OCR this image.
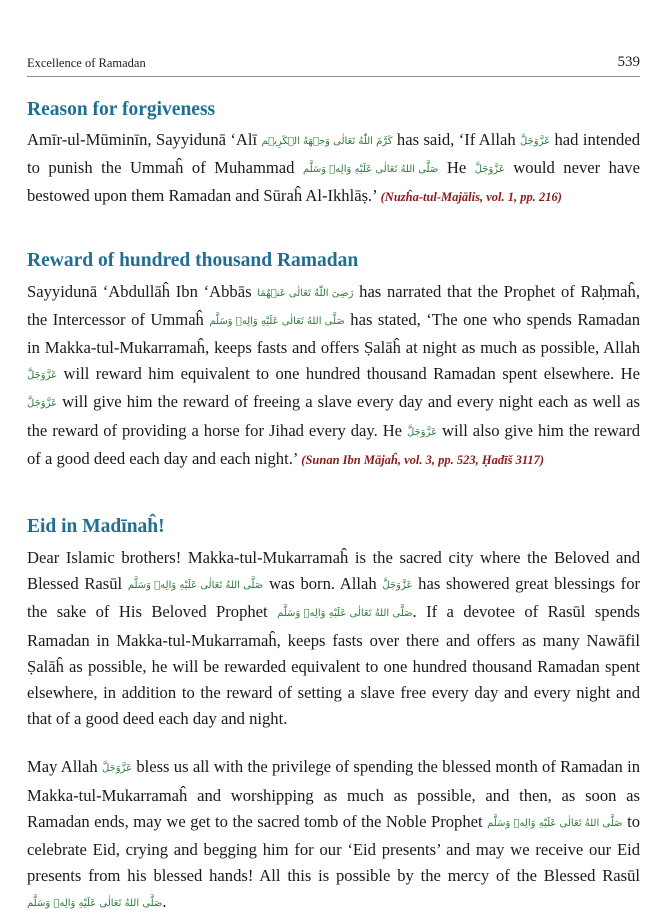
Excellence of Ramadan	539
Reason for forgiveness

Amīr-ul-Mūminīn, Sayyidunā ‘Alī كَرَّمَ اللّٰهُ تَعَالٰی وَجۡهَهُ الۡكَرِيۡم has said, ‘If Allah عَزَّوَجَلَّ had intended to punish the Ummaĥ of Muhammad صَلَّى اللهُ تَعَالٰى عَلَيْهِ وَالِهٖ وَسَلَّم He عَزَّوَجَلَّ would never have bestowed upon them Ramadan and Sūraĥ Al-Ikhlāṣ.’ (Nuzĥa-tul-Majālis, vol. 1, pp. 216)

Reward of hundred thousand Ramadan

Sayyidunā ‘Abdullāĥ Ibn ‘Abbās رَضِیَ اللّٰهُ تَعَالٰی عَنۡهُمَا has narrated that the Prophet of Raḥmaĥ, the Intercessor of Ummaĥ صَلَّى اللهُ تَعَالٰى عَلَيْهِ وَالِهٖ وَسَلَّم has stated, ‘The one who spends Ramadan in Makka-tul-Mukarramaĥ, keeps fasts and offers Ṣalāĥ at night as much as possible, Allah عَزَّوَجَلَّ will reward him equivalent to one hundred thousand Ramadan spent elsewhere. He عَزَّوَجَلَّ will give him the reward of freeing a slave every day and every night each as well as the reward of providing a horse for Jihad every day. He عَزَّوَجَلَّ will also give him the reward of a good deed each day and each night.’ (Sunan Ibn Mājaĥ, vol. 3, pp. 523, Ḥadīš 3117)

Eid in Madīnaĥ!

Dear Islamic brothers! Makka-tul-Mukarramaĥ is the sacred city where the Beloved and Blessed Rasūl صَلَّى اللهُ تَعَالٰى عَلَيْهِ وَالِهٖ وَسَلَّم was born. Allah عَزَّوَجَلَّ has showered great blessings for the sake of His Beloved Prophet صَلَّى اللهُ تَعَالٰى عَلَيْهِ وَالِهٖ وَسَلَّم. If a devotee of Rasūl spends Ramadan in Makka-tul-Mukarramaĥ, keeps fasts over there and offers as many Nawāfil Ṣalāĥ as possible, he will be rewarded equivalent to one hundred thousand Ramadan spent elsewhere, in addition to the reward of setting a slave free every day and every night and that of a good deed each day and night.

May Allah عَزَّوَجَلَّ bless us all with the privilege of spending the blessed month of Ramadan in Makka-tul-Mukarramaĥ and worshipping as much as possible, and then, as soon as Ramadan ends, may we get to the sacred tomb of the Noble Prophet صَلَّى اللهُ تَعَالٰى عَلَيْهِ وَالِهٖ وَسَلَّم to celebrate Eid, crying and begging him for our ‘Eid presents’ and may we receive our Eid presents from his blessed hands! All this is possible by the mercy of the Blessed Rasūl صَلَّى اللهُ تَعَالٰى عَلَيْهِ وَالِهٖ وَسَلَّم.
